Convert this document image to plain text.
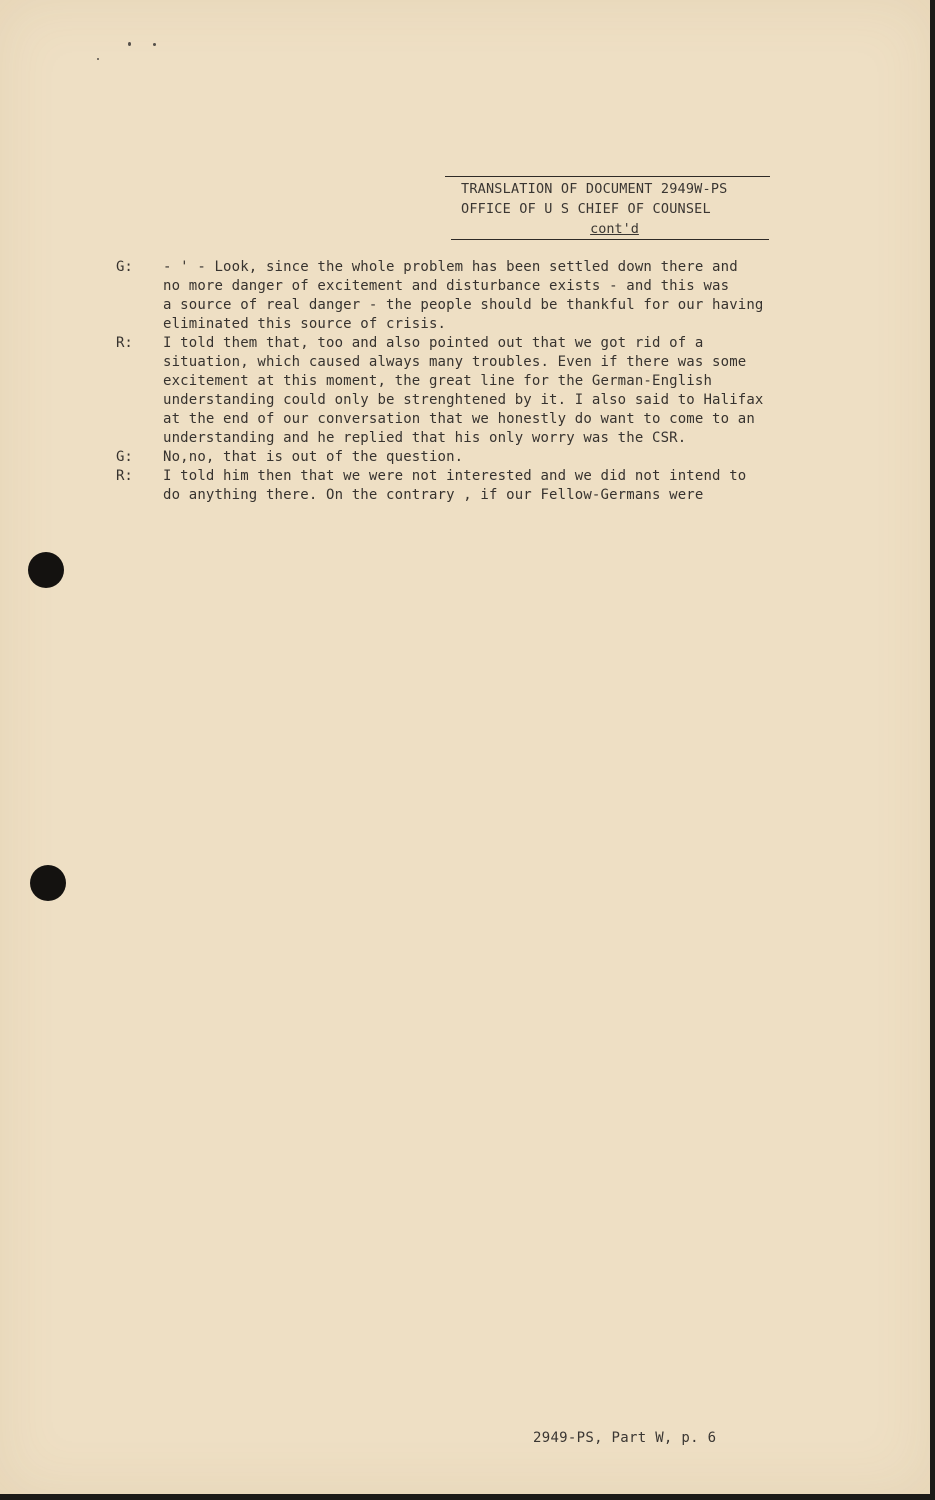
TRANSLATION OF DOCUMENT 2949W-PS
OFFICE OF U S CHIEF OF COUNSEL
cont'd
G:	- ' - Look, since the whole problem has been settled down there and
no more danger of excitement and disturbance exists - and this was
a source of real danger - the people should be thankful for our having
eliminated this source of crisis.
R:	I told them that, too and also pointed out that we got rid of a
situation, which caused always many troubles. Even if there was some
excitement at this moment, the great line for the German-English
understanding could only be strenghtened by it. I also said to Halifax
at the end of our conversation that we honestly do want to come to an
understanding and he replied that his only worry was the CSR.
G:	No,no, that is out of the question.
R:	I told him then that we were not interested and we did not intend to
do anything there. On the contrary , if our Fellow-Germans were
2949-PS, Part W, p. 6
